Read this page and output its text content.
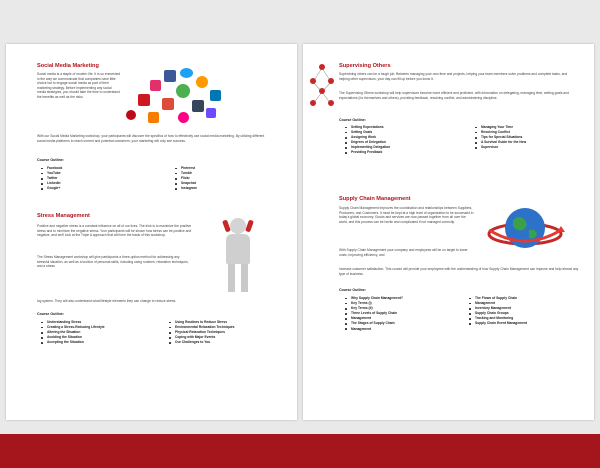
Social Media Marketing

Social media is a staple of modern life. It is so enmeshed in the way we communicate that companies have little choice but to engage social media as part of their marketing strategy. Before implementing any social media strategies, you should take the time to understand the benefits as well as the risks.

With our Social Media Marketing workshop, your participants will discover the specifics of how to effectively use social media marketing. By utilizing different social media platforms to reach current and potential customers, your marketing will only see success.

Course Outline:

Facebook
YouTube
Twitter
LinkedIn
Google+
Pinterest
Tumblr
Flickr
Snapchat
Instagram
Stress Management

Positive and negative stress is a constant influence on all of our lives. The trick is to maximize the positive stress and to minimize the negative stress. Your participants will be shown how stress can be positive and negative, and we'll look at the Triple A approach that will form the basis of this workshop.

The Stress Management workshop will give participants a three-option method for addressing any stressful situation, as well as a toolbox of personal skills, including using routines, relaxation techniques, and a stress

log system. They will also understand what lifestyle elements they can change to reduce stress.

Course Outline:

Understanding Stress
Creating a Stress-Reducing Lifestyle
Altering the Situation
Avoiding the Situation
Accepting the Situation
Using Routines to Reduce Stress
Environmental Relaxation Techniques
Physical Relaxation Techniques
Coping with Major Events
Our Challenges to You
Supervising Others

Supervising others can be a tough job. Between managing your own time and projects, helping your team members solve problems and complete tasks, and helping other supervisors, your day can fill up before you know it.

The Supervising Others workshop will help supervisors become more efficient and proficient, with information on delegating, managing time, setting goals and expectations (for themselves and others), providing feedback, resolving conflict, and administering discipline.

Course Outline:

Setting Expectations
Setting Goals
Assigning Work
Degrees of Delegation
Implementing Delegation
Providing Feedback
Managing Your Time
Resolving Conflict
Tips for Special Situations
A Survival Guide for the New
Supervisor
Supply Chain Management

Supply Chain Management improves the coordination and relationships between Suppliers, Producers, and Customers. It must be kept at a high level of organization to be successful in today's global economy. Goods and services are now passed together from all over the world, and this process can be hectic and complicated if not managed correctly.

With Supply Chain Management your company and employees will be on target to lower costs, improving efficiency, and

increase customer satisfaction. This course will provide your employees with the understanding of how Supply Chain Management can improve and help almost any type of business.

Course Outline:

Why Supply Chain Management?
Key Terms (I)
Key Terms (II)
Three Levels of Supply Chain
Management
The Stages of Supply Chain
Management
The Flows of Supply Chain
Management
Inventory Management
Supply Chain Groups
Tracking and Monitoring
Supply Chain Event Management
